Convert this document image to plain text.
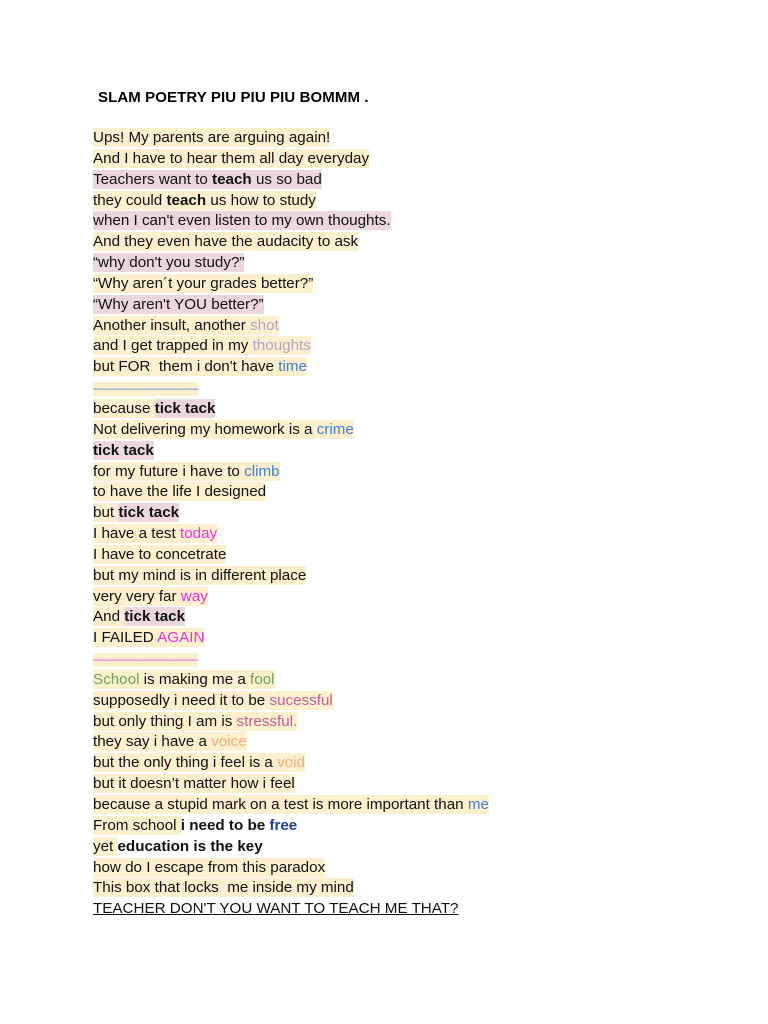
SLAM POETRY PIU PIU PIU BOMMM .
Ups! My parents are arguing again!
And I have to hear them all day everyday
Teachers want to teach us so bad
they could teach us how to study
when I can't even listen to my own thoughts.
And they even have the audacity to ask
“why don't you study?”
“Why aren´t your grades better?”
“Why aren't YOU better?”
Another insult, another shot
and I get trapped in my thoughts
but FOR  them i don't have time
——————————
because tick tack
Not delivering my homework is a crime
tick tack
for my future i have to climb
to have the life I designed
but tick tack
I have a test today
I have to concetrate
but my mind is in different place
very very far way
And tick tack
I FAILED AGAIN
——————————
School is making me a fool
supposedly i need it to be sucessful
but only thing I am is stressful.
they say i have a voice
but the only thing i feel is a void
but it doesn’t matter how i feel
because a stupid mark on a test is more important than me
From school i need to be free
yet education is the key
how do I escape from this paradox
This box that locks  me inside my mind
TEACHER DON'T YOU WANT TO TEACH ME THAT?
